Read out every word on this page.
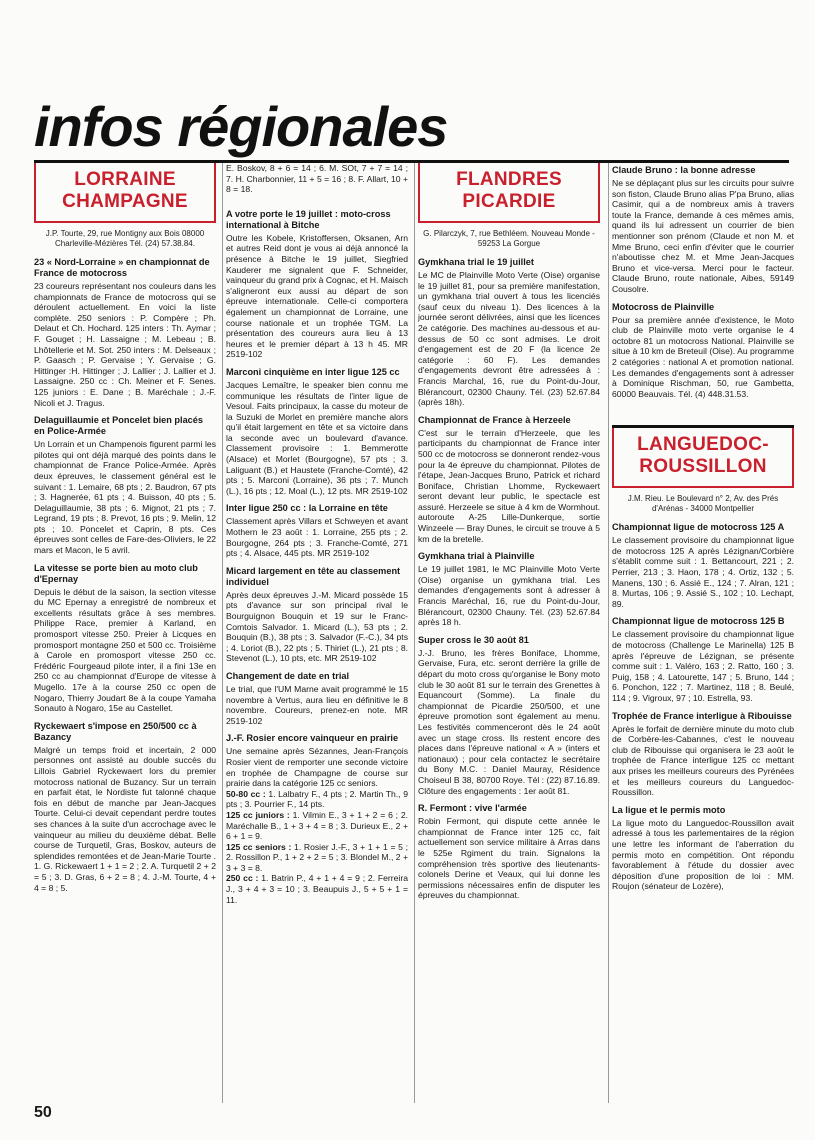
infos régionales
LORRAINE CHAMPAGNE
J.P. Tourte, 29, rue Montigny aux Bois 08000 Charleville-Mézières Tél. (24) 57.38.84.
23 « Nord-Lorraine » en championnat de France de motocross

23 coureurs représentant nos couleurs dans les championnats de France de motocross qui se déroulent actuellement. En voici la liste complète. 250 seniors : P. Compère ; Ph. Delaut et Ch. Hochard. 125 inters : Th. Aymar ; F. Gouget ; H. Lassaigne ; M. Lebeau ; B. Lhôtellerie et M. Sot. 250 inters : M. Delseaux ; P. Gaasch ; P. Gervaise ; Y. Gervaise ; G. Hittinger :H. Hittinger ; J. Lallier ; J. Lallier et J. Lassaigne. 250 cc : Ch. Meiner et F. Senes. 125 juniors : E. Dane ; B. Maréchale ; J.-F. Nicoli et J. Tragus.

Delaguillaumie et Poncelet bien placés en Police-Armée

Un Lorrain et un Champenois figurent parmi les pilotes qui ont déjà marqué des points dans le championnat de France Police-Armée. Après deux épreuves, le classement général est le suivant : 1. Lemaire, 68 pts ; 2. Baudron, 67 pts ; 3. Hagnerée, 61 pts ; 4. Buisson, 40 pts ; 5. Delaguillaumie, 38 pts ; 6. Mignot, 21 pts ; 7. Legrand, 19 pts ; 8. Prevot, 16 pts ; 9. Melin, 12 pts ; 10. Poncelet et Caprin, 8 pts. Ces épreuves sont celles de Fare-des-Oliviers, le 22 mars et Macon, le 5 avril.

La vitesse se porte bien au moto club d'Epernay

Depuis le début de la saison, la section vitesse du MC Epernay a enregistré de nombreux et excellents résultats grâce à ses membres. Philippe Race, premier à Karland, en promosport vitesse 250. Preier à Licques en promosport montagne 250 et 500 cc. Troisième à Carole en promosport vitesse 250 cc. Frédéric Fourgeaud pilote inter, il a fini 13e en 250 cc au championnat d'Europe de vitesse à Mugello. 17e à la course 250 cc open de Nogaro, Thierry Joudart 8e à la coupe Yamaha Sonauto à Nogaro, 15e au Castellet.

Ryckewaert s'impose en 250/500 cc à Bazancy

Malgré un temps froid et incertain, 2 000 personnes ont assisté au double succès du Lillois Gabriel Ryckewaert lors du premier motocross national de Buzancy. Sur un terrain en parfait état, le Nordiste fut talonné chaque fois en début de manche par Jean-Jacques Tourte. Celui-ci devait cependant perdre toutes ses chances à la suite d'un accrochage avec le vainqueur au milieu du deuxième débat. Belle course de Turquetil, Gras, Boskov, auteurs de splendides remontées et de Jean-Marie Tourte . 1. G. Rickewaert 1 + 1 = 2 ; 2. A. Turquetil 2 + 2 = 5 ; 3. D. Gras, 6 + 2 = 8 ; 4. J.-M. Tourte, 4 + 4 = 8 ; 5.

E. Boskov, 8 + 6 = 14 ; 6. M. SOt, 7 + 7 = 14 ; 7. H. Charbonnier, 11 + 5 = 16 ; 8. F. Allart, 10 + 8 = 18.

A votre porte le 19 juillet : moto-cross international à Bitche

Outre les Kobele, Kristoffersen, Oksanen, Arn et autres Reid dont je vous ai déjà annoncé la présence à Bitche le 19 juillet, Siegfried Kauderer me signalent que F. Schneider, vainqueur du grand prix à Cognac, et H. Maisch s'aligneront eux aussi au départ de son épreuve internationale. Celle-ci comportera également un championnat de Lorraine, une course nationale et un trophée TGM. La présentation des coureurs aura lieu à 13 heures et le premier départ à 13 h 45. MR 2519-102

Marconi cinquième en inter ligue 125 cc

Jacques Lemaître, le speaker bien connu me communique les résultats de l'inter ligue de Vesoul. Faits principaux, la casse du moteur de la Suzuki de Morlet en première manche alors qu'il était largement en tête et sa victoire dans la seconde avec un boulevard d'avance. Classement provisoire : 1. Bemmerotte (Alsace) et Morlet (Bourgogne), 57 pts ; 3. Laliguant (B.) et Haustete (Franche-Comté), 42 pts ; 5. Marconi (Lorraine), 36 pts ; 7. Munch (L.), 16 pts ; 12. Moal (L.), 12 pts. MR 2519-102

Inter ligue 250 cc : la Lorraine en tête

Classement après Villars et Schweyen et avant Mothern le 23 août : 1. Lorraine, 255 pts ; 2. Bourgogne, 264 pts ; 3. Franche-Comté, 271 pts ; 4. Alsace, 445 pts. MR 2519-102

Micard largement en tête au classement individuel

Après deux épreuves J.-M. Micard possède 15 pts d'avance sur son principal rival le Bourguignon Bouquin et 19 sur le Franc-Comtois Salvador. 1. Micard (L.), 53 pts ; 2. Bouquin (B.), 38 pts ; 3. Salvador (F.-C.), 34 pts ; 4. Loriot (B.), 22 pts ; 5. Thiriet (L.), 21 pts ; 8. Stevenot (L.), 10 pts, etc. MR 2519-102

Changement de date en trial

Le trial, que l'UM Marne avait programmé le 15 novembre à Vertus, aura lieu en définitive le 8 novembre. Coureurs, prenez-en note. MR 2519-102

J.-F. Rosier encore vainqueur en prairie

Une semaine après Sézannes, Jean-François Rosier vient de remporter une seconde victoire en trophée de Champagne de course sur prairie dans la catégorie 125 cc seniors.

50-80 cc : 1. Lalbatry F., 4 pts ; 2. Martin Th., 9 pts ; 3. Pourrier F., 14 pts.

125 cc juniors : 1. Vilmin E., 3 + 1 + 2 = 6 ; 2. Maréchalle B., 1 + 3 + 4 = 8 ; 3. Durieux E., 2 + 6 + 1 = 9.

125 cc seniors : 1. Rosier J.-F., 3 + 1 + 1 = 5 ; 2. Rossillon P., 1 + 2 + 2 = 5 ; 3. Blondel M., 2 + 3 + 3 = 8.

250 cc : 1. Batrin P., 4 + 1 + 4 = 9 ; 2. Ferreira J., 3 + 4 + 3 = 10 ; 3. Beaupuis J., 5 + 5 + 1 = 11.

FLANDRES PICARDIE
G. Pilarczyk, 7, rue Bethléem. Nouveau Monde - 59253 La Gorgue
Gymkhana trial le 19 juillet

Le MC de Plainville Moto Verte (Oise) organise le 19 juillet 81, pour sa première manifestation, un gymkhana trial ouvert à tous les licenciés (sauf ceux du niveau 1). Des licences à la journée seront délivrées, ainsi que les licences 2e catégorie. Des machines au-dessous et au-dessus de 50 cc sont admises. Le droit d'engagement est de 20 F (la licence 2e catégorie : 60 F). Les demandes d'engagements devront être adressées à : Francis Marchal, 16, rue du Point-du-Jour, Blérancourt, 02300 Chauny. Tél. (23) 52.67.84 (après 18h).

Championnat de France à Herzeele

C'est sur le terrain d'Herzeele, que les participants du championnat de France inter 500 cc de motocross se donneront rendez-vous pour la 4e épreuve du championnat. Pilotes de l'étape, Jean-Jacques Bruno, Patrick et richard Boniface, Christian Lhomme, Ryckewaert seront devant leur public, le spectacle est assuré. Herzeele se situe à 4 km de Wormhout. autoroute A-25 Lille-Dunkerque, sortie Winzeele — Bray Dunes, le circuit se trouve à 5 km de la bretelle.

Gymkhana trial à Plainville

Le 19 juillet 1981, le MC Plainville Moto Verte (Oise) organise un gymkhana trial. Les demandes d'engagements sont à adresser à Francis Maréchal, 16, rue du Point-du-Jour, Blérancourt, 02300 Chauny. Tél. (23) 52.67.84 après 18 h.

Super cross le 30 août 81

J.-J. Bruno, les frères Boniface, Lhomme, Gervaise, Fura, etc. seront derrière la grille de départ du moto cross qu'organise le Bony moto club le 30 août 81 sur le terrain des Grenettes à Equancourt (Somme). La finale du championnat de Picardie 250/500, et une épreuve promotion sont également au menu. Les festivités commenceront dès le 24 août avec un stage cross. Ils restent encore des places dans l'épreuve national « A » (inters et nationaux) ; pour cela contactez le secrétaire du Bony M.C. : Daniel Mauray, Résidence Choiseul B 38, 80700 Roye. Tél : (22) 87.16.89. Clôture des engagements : 1er août 81.

R. Fermont : vive l'armée

Robin Fermont, qui dispute cette année le championnat de France inter 125 cc, fait actuellement son service militaire à Arras dans le 525e Rgiment du train. Signalons la compréhension très sportive des lieutenants-colonels Derine et Veaux, qui lui donne les permissions nécessaires enfin de disputer les épreuves du championnat.

Claude Bruno : la bonne adresse

Ne se déplaçant plus sur les circuits pour suivre son fiston, Claude Bruno alias P'pa Bruno, alias Casimir, qui a de nombreux amis à travers toute la France, demande à ces mêmes amis, quand ils lui adressent un courrier de bien mentionner son prénom (Claude et non M. et Mme Bruno, ceci enfin d'éviter que le courrier n'aboutisse chez M. et Mme Jean-Jacques Bruno et vice-versa. Merci pour le facteur. Claude Bruno, route nationale, Aibes, 59149 Cousolre.

Motocross de Plainville

Pour sa première année d'existence, le Moto club de Plainville moto verte organise le 4 octobre 81 un motocross National. Plainville se situe à 10 km de Breteuil (Oise). Au programme 2 catégories : national A et promotion national. Les demandes d'engagements sont à adresser à Dominique Rischman, 50, rue Gambetta, 60000 Beauvais. Tél. (4) 448.31.53.

LANGUEDOC-ROUSSILLON
J.M. Rieu. Le Boulevard n° 2, Av. des Prés d'Arénas - 34000 Montpellier
Championnat ligue de motocross 125 A

Le classement provisoire du championnat ligue de motocross 125 A après Lézignan/Corbière s'établit comme suit : 1. Bettancourt, 221 ; 2. Perrier, 213 ; 3. Haon, 178 ; 4. Ortiz, 132 ; 5. Manens, 130 ; 6. Assié E., 124 ; 7. Alran, 121 ; 8. Murtas, 106 ; 9. Assié S., 102 ; 10. Lechapt, 89.

Championnat ligue de motocross 125 B

Le classement provisoire du championnat ligue de motocross (Challenge Le Marinella) 125 B après l'épreuve de Lézignan, se présente comme suit : 1. Valéro, 163 ; 2. Ratto, 160 ; 3. Puig, 158 ; 4. Latourette, 147 ; 5. Bruno, 144 ; 6. Ponchon, 122 ; 7. Martinez, 118 ; 8. Beulé, 114 ; 9. Vigroux, 97 ; 10. Estrella, 93.

Trophée de France interligue à Ribouisse

Après le forfait de dernière minute du moto club de Corbère-les-Cabannes, c'est le nouveau club de Ribouisse qui organisera le 23 août le trophée de France interligue 125 cc mettant aux prises les meilleurs coureurs des Pyrénées et les meilleurs coureurs du Languedoc-Roussillon.

La ligue et le permis moto

La ligue moto du Languedoc-Roussillon avait adressé à tous les parlementaires de la région une lettre les informant de l'aberration du permis moto en compétition. Ont répondu favorablement à l'étude du dossier avec déposition d'une proposition de loi : MM. Roujon (sénateur de Lozère),

50
